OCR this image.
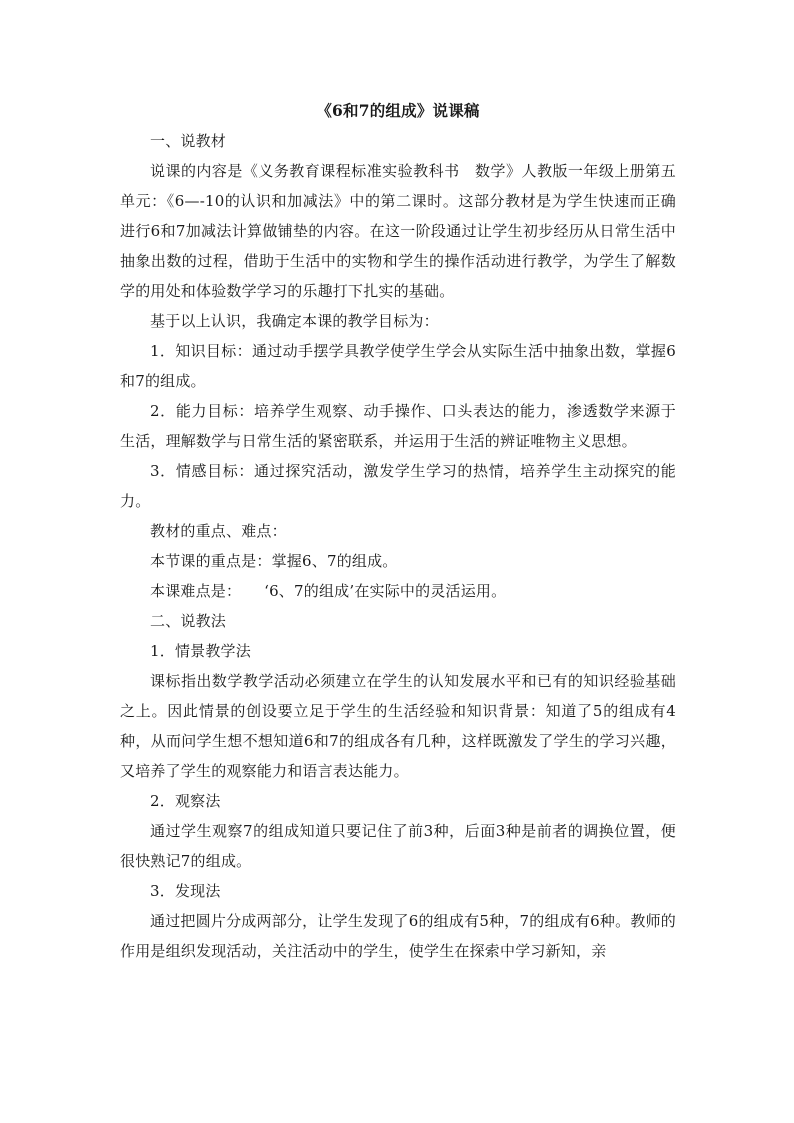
《6和7的组成》说课稿

一、说教材

说课的内容是《义务教育课程标准实验教科书　数学》人教版一年级上册第五单元：《6—-10的认识和加减法》中的第二课时。这部分教材是为学生快速而正确进行6和7加减法计算做铺垫的内容。在这一阶段通过让学生初步经历从日常生活中抽象出数的过程，借助于生活中的实物和学生的操作活动进行教学，为学生了解数学的用处和体验数学学习的乐趣打下扎实的基础。

基于以上认识，我确定本课的教学目标为：

1．知识目标：通过动手摆学具教学使学生学会从实际生活中抽象出数，掌握6和7的组成。

2．能力目标：培养学生观察、动手操作、口头表达的能力，渗透数学来源于生活，理解数学与日常生活的紧密联系，并运用于生活的辨证唯物主义思想。

3．情感目标：通过探究活动，激发学生学习的热情，培养学生主动探究的能力。

教材的重点、难点：

本节课的重点是：掌握6、7的组成。

本课难点是：　　‘6、7的组成’在实际中的灵活运用。

二、说教法

1．情景教学法

课标指出数学教学活动必须建立在学生的认知发展水平和已有的知识经验基础之上。因此情景的创设要立足于学生的生活经验和知识背景：知道了5的组成有4种，从而问学生想不想知道6和7的组成各有几种，这样既激发了学生的学习兴趣，又培养了学生的观察能力和语言表达能力。

2．观察法

通过学生观察7的组成知道只要记住了前3种，后面3种是前者的调换位置，便很快熟记7的组成。

3．发现法

通过把圆片分成两部分，让学生发现了6的组成有5种，7的组成有6种。教师的作用是组织发现活动，关注活动中的学生，使学生在探索中学习新知，亲
